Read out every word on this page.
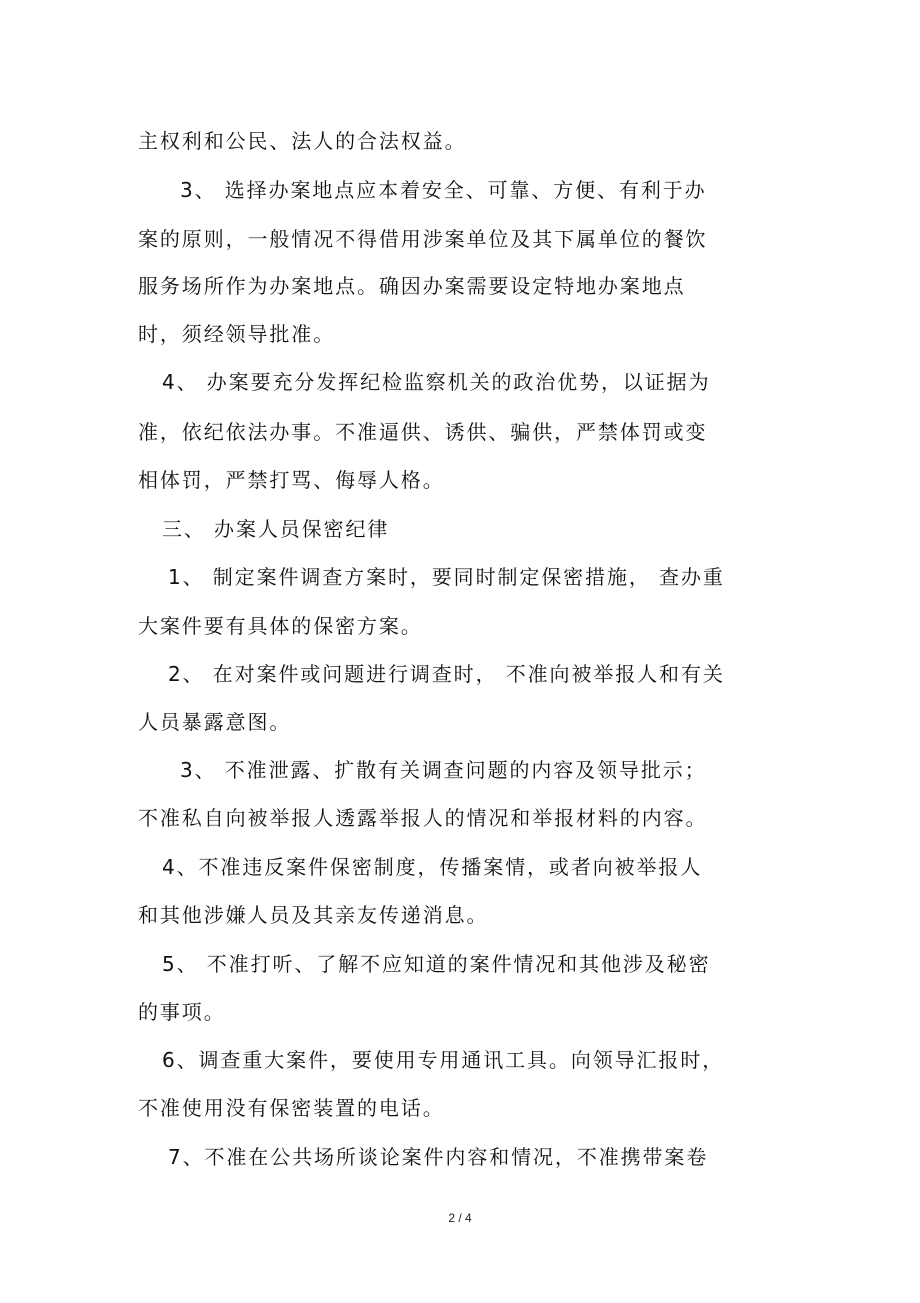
主权利和公民、法人的合法权益。
3、 选择办案地点应本着安全、可靠、方便、有利于办
案的原则，一般情况不得借用涉案单位及其下属单位的餐饮
服务场所作为办案地点。确因办案需要设定特地办案地点
时，须经领导批准。
4、 办案要充分发挥纪检监察机关的政治优势，以证据为
准，依纪依法办事。不准逼供、诱供、骗供，严禁体罚或变
相体罚，严禁打骂、侮辱人格。
三、 办案人员保密纪律
1、 制定案件调查方案时，要同时制定保密措施， 查办重
大案件要有具体的保密方案。
2、 在对案件或问题进行调查时， 不准向被举报人和有关
人员暴露意图。
3、 不准泄露、扩散有关调查问题的内容及领导批示；
不准私自向被举报人透露举报人的情况和举报材料的内容。
4、不准违反案件保密制度，传播案情，或者向被举报人
和其他涉嫌人员及其亲友传递消息。
5、 不准打听、了解不应知道的案件情况和其他涉及秘密
的事项。
6、调查重大案件，要使用专用通讯工具。向领导汇报时，
不准使用没有保密装置的电话。
7、不准在公共场所谈论案件内容和情况，不准携带案卷
2 / 4
